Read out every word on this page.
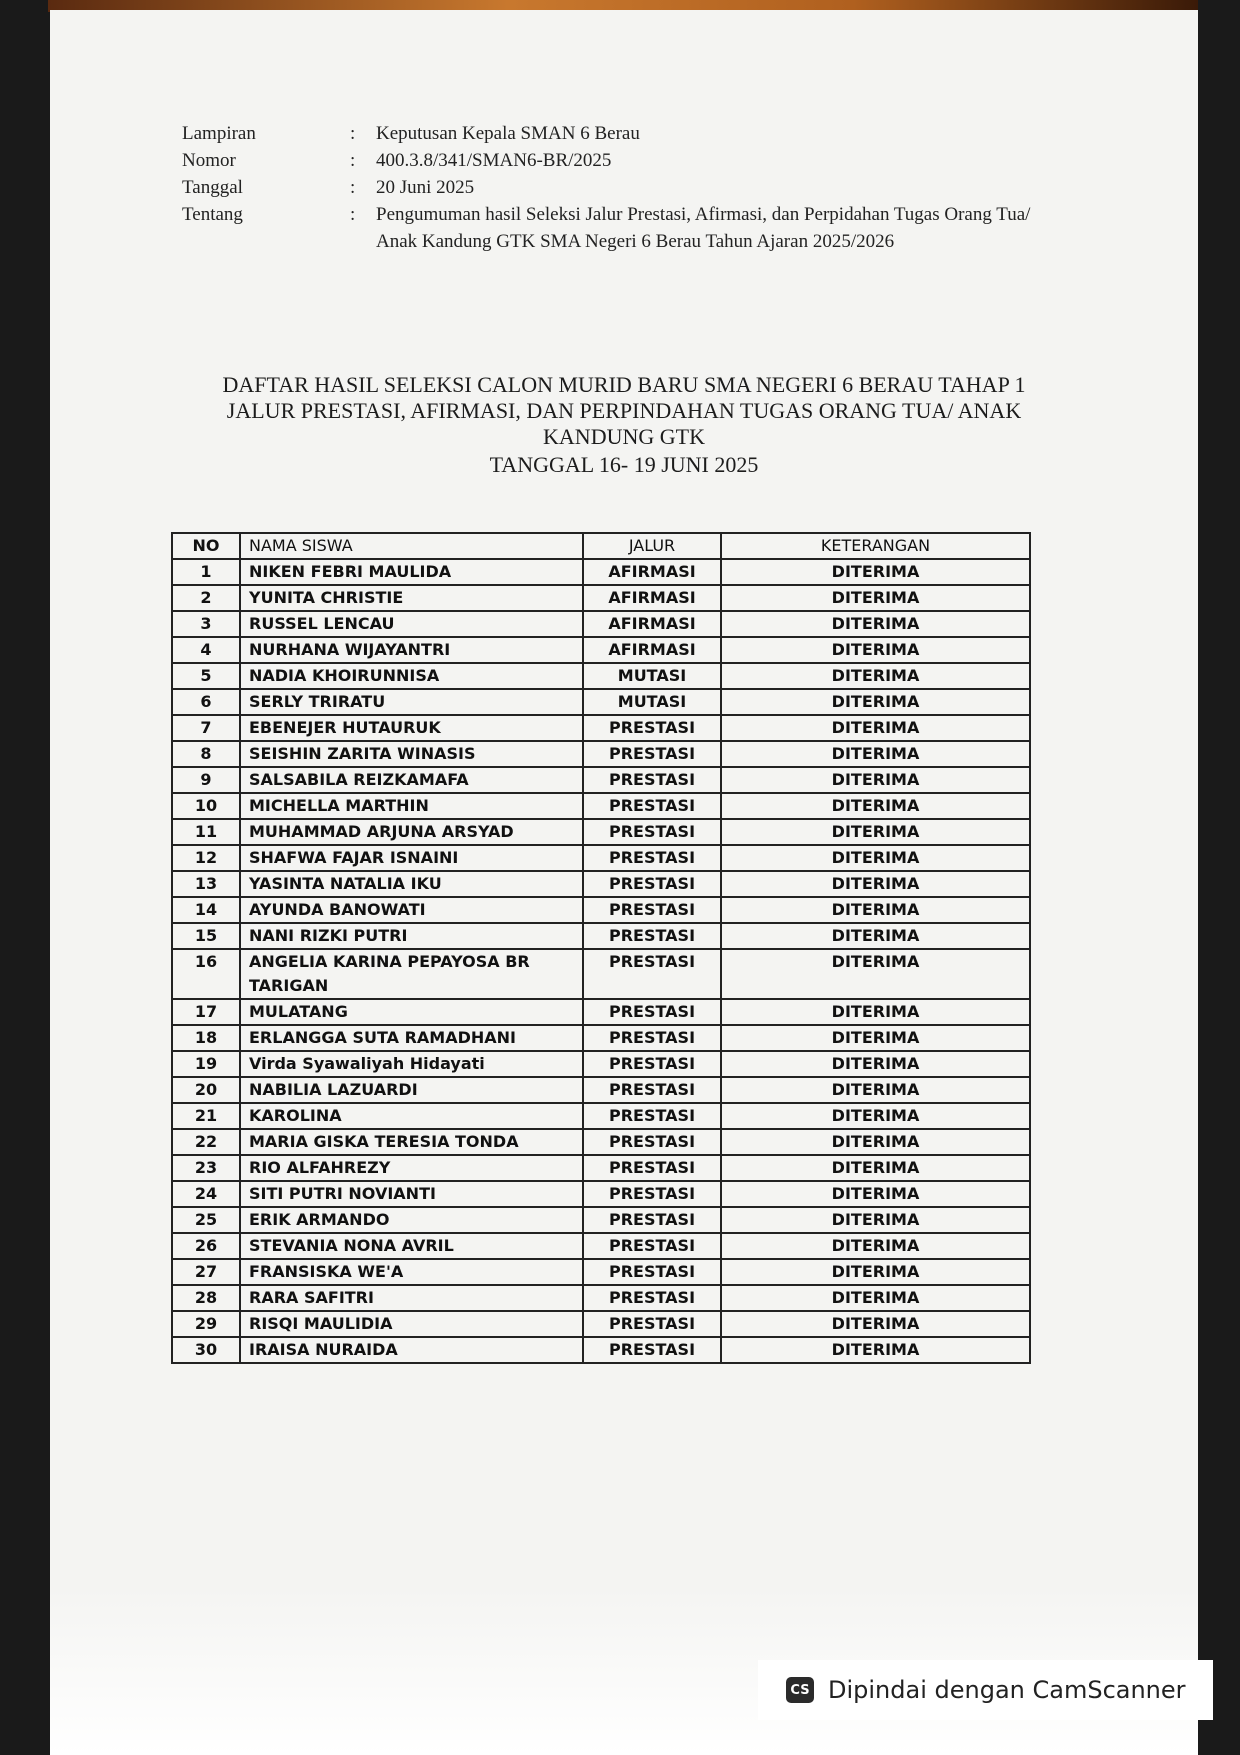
Lampiran	:	Keputusan Kepala SMAN 6 Berau
Nomor	:	400.3.8/341/SMAN6-BR/2025
Tanggal	:	20 Juni 2025
Tentang	:	Pengumuman hasil Seleksi Jalur Prestasi, Afirmasi, dan Perpidahan Tugas Orang Tua/ Anak Kandung GTK SMA Negeri 6 Berau Tahun Ajaran 2025/2026
DAFTAR HASIL SELEKSI CALON MURID BARU SMA NEGERI 6 BERAU TAHAP 1
JALUR PRESTASI, AFIRMASI, DAN PERPINDAHAN TUGAS ORANG TUA/ ANAK
KANDUNG GTK
TANGGAL 16- 19 JUNI 2025
NO	NAMA SISWA	JALUR	KETERANGAN
1	NIKEN FEBRI MAULIDA	AFIRMASI	DITERIMA
2	YUNITA CHRISTIE	AFIRMASI	DITERIMA
3	RUSSEL LENCAU	AFIRMASI	DITERIMA
4	NURHANA WIJAYANTRI	AFIRMASI	DITERIMA
5	NADIA KHOIRUNNISA	MUTASI	DITERIMA
6	SERLY TRIRATU	MUTASI	DITERIMA
7	EBENEJER HUTAURUK	PRESTASI	DITERIMA
8	SEISHIN ZARITA WINASIS	PRESTASI	DITERIMA
9	SALSABILA REIZKAMAFA	PRESTASI	DITERIMA
10	MICHELLA MARTHIN	PRESTASI	DITERIMA
11	MUHAMMAD ARJUNA ARSYAD	PRESTASI	DITERIMA
12	SHAFWA FAJAR ISNAINI	PRESTASI	DITERIMA
13	YASINTA NATALIA IKU	PRESTASI	DITERIMA
14	AYUNDA BANOWATI	PRESTASI	DITERIMA
15	NANI RIZKI PUTRI	PRESTASI	DITERIMA
16	ANGELIA KARINA PEPAYOSA BR TARIGAN	PRESTASI	DITERIMA
17	MULATANG	PRESTASI	DITERIMA
18	ERLANGGA SUTA RAMADHANI	PRESTASI	DITERIMA
19	Virda Syawaliyah Hidayati	PRESTASI	DITERIMA
20	NABILIA LAZUARDI	PRESTASI	DITERIMA
21	KAROLINA	PRESTASI	DITERIMA
22	MARIA GISKA TERESIA TONDA	PRESTASI	DITERIMA
23	RIO ALFAHREZY	PRESTASI	DITERIMA
24	SITI PUTRI NOVIANTI	PRESTASI	DITERIMA
25	ERIK ARMANDO	PRESTASI	DITERIMA
26	STEVANIA NONA AVRIL	PRESTASI	DITERIMA
27	FRANSISKA WE'A	PRESTASI	DITERIMA
28	RARA SAFITRI	PRESTASI	DITERIMA
29	RISQI MAULIDIA	PRESTASI	DITERIMA
30	IRAISA NURAIDA	PRESTASI	DITERIMA
CS Dipindai dengan CamScanner
